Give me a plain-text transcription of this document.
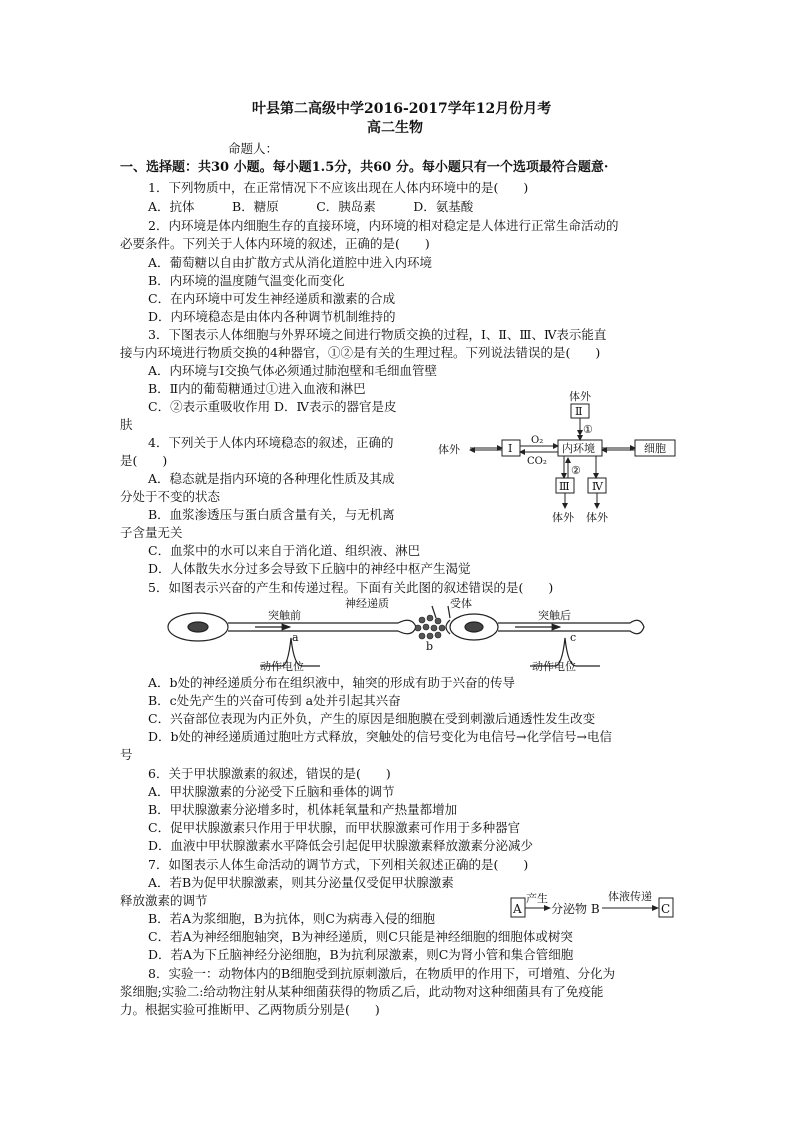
叶县第二高级中学2016-2017学年12月份月考
高二生物
命题人：
一、选择题：共30 小题。每小题1.5分，共60 分。每小题只有一个选项最符合题意·
1．下列物质中，在正常情况下不应该出现在人体内环境中的是(　　)
A．抗体　　　B．糖原　　　C．胰岛素　　　D．氨基酸
2．内环境是体内细胞生存的直接环境，内环境的相对稳定是人体进行正常生命活动的
必要条件。下列关于人体内环境的叙述，正确的是(　　)
A．葡萄糖以自由扩散方式从消化道腔中进入内环境
B．内环境的温度随气温变化而变化
C．在内环境中可发生神经递质和激素的合成
D．内环境稳态是由体内各种调节机制维持的
3．下图表示人体细胞与外界环境之间进行物质交换的过程，Ⅰ、Ⅱ、Ⅲ、Ⅳ表示能直
接与内环境进行物质交换的4种器官，①②是有关的生理过程。下列说法错误的是(　　)
A．内环境与Ⅰ交换气体必须通过肺泡壁和毛细血管壁
B．Ⅱ内的葡萄糖通过①进入血液和淋巴
C．②表示重吸收作用 D．Ⅳ表示的器官是皮
肤
体外
Ⅱ
①
体外	Ⅰ
O₂
CO₂
内环境	细胞
②
Ⅲ Ⅳ
体外 体外
4．下列关于人体内环境稳态的叙述，正确的
是(　　)
A．稳态就是指内环境的各种理化性质及其成
分处于不变的状态
B．血浆渗透压与蛋白质含量有关，与无机离
子含量无关
C．血浆中的水可以来自于消化道、组织液、淋巴
D．人体散失水分过多会导致下丘脑中的神经中枢产生渴觉
5．如图表示兴奋的产生和传递过程。下面有关此图的叙述错误的是(　　)
神经递质	受体
突触前	突触后
a
b
c
动作电位	动作电位
A．b处的神经递质分布在组织液中，轴突的形成有助于兴奋的传导
B．c处先产生的兴奋可传到 a处并引起其兴奋
C．兴奋部位表现为内正外负，产生的原因是细胞膜在受到刺激后通透性发生改变
D．b处的神经递质通过胞吐方式释放，突触处的信号变化为电信号→化学信号→电信
号
6．关于甲状腺激素的叙述，错误的是(　　)
A．甲状腺激素的分泌受下丘脑和垂体的调节
B．甲状腺激素分泌增多时，机体耗氧量和产热量都增加
C．促甲状腺激素只作用于甲状腺，而甲状腺激素可作用于多种器官
D．血液中甲状腺激素水平降低会引起促甲状腺激素释放激素分泌减少
7．如图表示人体生命活动的调节方式，下列相关叙述正确的是(　　)
A．若B为促甲状腺激素，则其分泌量仅受促甲状腺激素
释放激素的调节
B．若A为浆细胞，B为抗体，则C为病毒入侵的细胞
A
产生
分泌物 B
体液传递
C
C．若A为神经细胞轴突，B为神经递质，则C只能是神经细胞的细胞体或树突
D．若A为下丘脑神经分泌细胞，B为抗利尿激素，则C为肾小管和集合管细胞
8．实验一：动物体内的B细胞受到抗原刺激后，在物质甲的作用下，可增殖、分化为
浆细胞;实验二:给动物注射从某种细菌获得的物质乙后，此动物对这种细菌具有了免疫能
力。根据实验可推断甲、乙两物质分别是(　　)
